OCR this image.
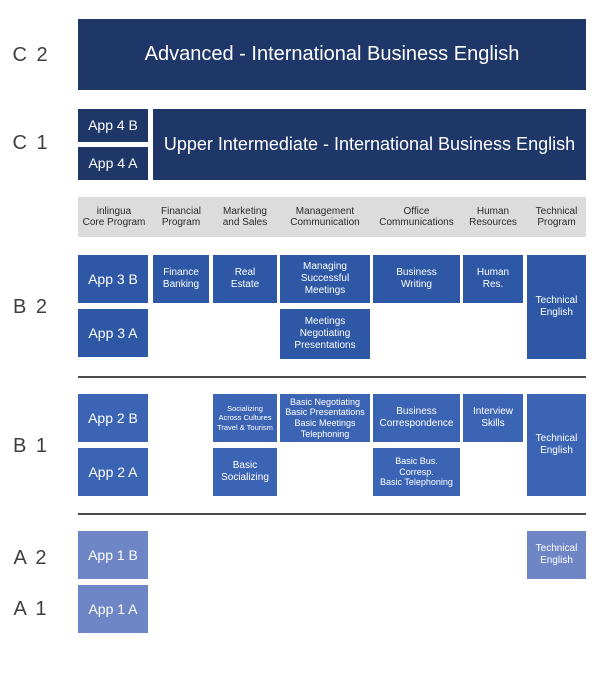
C 2
C 1
B 2
B 1
A 2
A 1
Advanced - International Business English
App 4 B
App 4 A
Upper Intermediate - International Business English
inlingua
Core Program
Financial
Program
Marketing
and Sales
Management
Communication
Office
Communications
Human
Resources
Technical
Program
App 3 B
App 3 A
Finance
Banking
Real
Estate
Managing
Successful
Meetings
Meetings
Negotiating
Presentations
Business
Writing
Human
Res.
Technical
English
App 2 B
App 2 A
Socializing
Across Cultures
Travel & Tourism
Basic
Socializing
Basic Negotiating
Basic Presentations
Basic Meetings
Telephoning
Business
Correspondence
Basic Bus. Corresp.
Basic Telephoning
Interview
Skills
Technical
English
App 1 B
App 1 A
Technical
English
